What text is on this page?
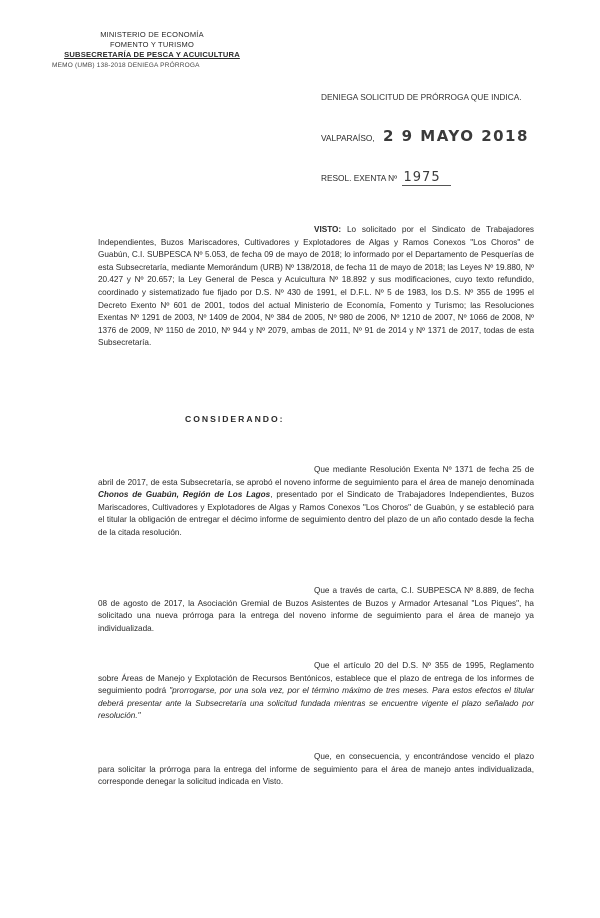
MINISTERIO DE ECONOMÍA
FOMENTO Y TURISMO
SUBSECRETARÍA DE PESCA Y ACUICULTURA
MEMO (UMB) 138-2018 DENIEGA PRÓRROGA
DENIEGA SOLICITUD DE PRÓRROGA QUE INDICA.
VALPARAÍSO, 2 9 MAYO 2018
RESOL. EXENTA Nº 1975
VISTO: Lo solicitado por el Sindicato de Trabajadores Independientes, Buzos Mariscadores, Cultivadores y Explotadores de Algas y Ramos Conexos "Los Choros" de Guabún, C.I. SUBPESCA Nº 5.053, de fecha 09 de mayo de 2018; lo informado por el Departamento de Pesquerías de esta Subsecretaría, mediante Memorándum (URB) Nº 138/2018, de fecha 11 de mayo de 2018; las Leyes Nº 19.880, Nº 20.427 y Nº 20.657; la Ley General de Pesca y Acuicultura Nº 18.892 y sus modificaciones, cuyo texto refundido, coordinado y sistematizado fue fijado por D.S. Nº 430 de 1991, el D.F.L. Nº 5 de 1983, los D.S. Nº 355 de 1995 el Decreto Exento Nº 601 de 2001, todos del actual Ministerio de Economía, Fomento y Turismo; las Resoluciones Exentas Nº 1291 de 2003, Nº 1409 de 2004, Nº 384 de 2005, Nº 980 de 2006, Nº 1210 de 2007, Nº 1066 de 2008, Nº 1376 de 2009, Nº 1150 de 2010, Nº 944 y Nº 2079, ambas de 2011, Nº 91 de 2014 y Nº 1371 de 2017, todas de esta Subsecretaría.
CONSIDERANDO:
Que mediante Resolución Exenta Nº 1371 de fecha 25 de abril de 2017, de esta Subsecretaría, se aprobó el noveno informe de seguimiento para el área de manejo denominada Chonos de Guabún, Región de Los Lagos, presentado por el Sindicato de Trabajadores Independientes, Buzos Mariscadores, Cultivadores y Explotadores de Algas y Ramos Conexos "Los Choros" de Guabún, y se estableció para el titular la obligación de entregar el décimo informe de seguimiento dentro del plazo de un año contado desde la fecha de la citada resolución.
Que a través de carta, C.I. SUBPESCA Nº 8.889, de fecha 08 de agosto de 2017, la Asociación Gremial de Buzos Asistentes de Buzos y Armador Artesanal "Los Piques", ha solicitado una nueva prórroga para la entrega del noveno informe de seguimiento para el área de manejo ya individualizada.
Que el artículo 20 del D.S. Nº 355 de 1995, Reglamento sobre Áreas de Manejo y Explotación de Recursos Bentónicos, establece que el plazo de entrega de los informes de seguimiento podrá "prorrogarse, por una sola vez, por el término máximo de tres meses. Para estos efectos el titular deberá presentar ante la Subsecretaría una solicitud fundada mientras se encuentre vigente el plazo señalado por resolución."
Que, en consecuencia, y encontrándose vencido el plazo para solicitar la prórroga para la entrega del informe de seguimiento para el área de manejo antes individualizada, corresponde denegar la solicitud indicada en Visto.
